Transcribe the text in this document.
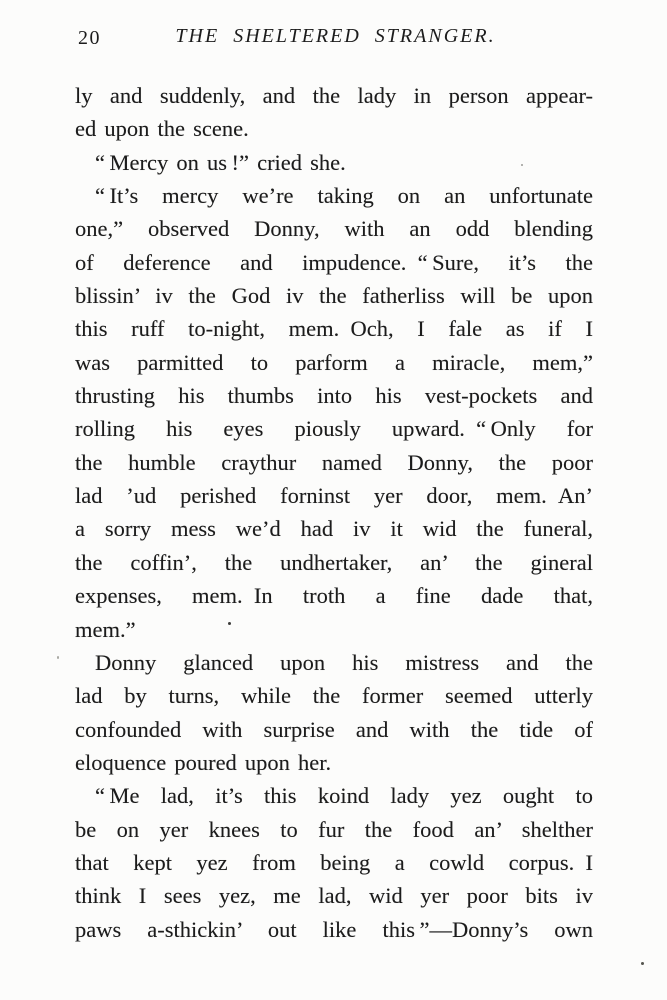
20	THE SHELTERED STRANGER.
ly and suddenly, and the lady in person appear-
ed upon the scene.
“ Mercy on us !” cried she.
“ It’s mercy we’re taking on an unfortunate
one,” observed Donny, with an odd blending
of deference and impudence. “ Sure, it’s the
blissin’ iv the God iv the fatherliss will be upon
this ruff to-night, mem. Och, I fale as if I
was parmitted to parform a miracle, mem,”
thrusting his thumbs into his vest-pockets and
rolling his eyes piously upward. “ Only for
the humble craythur named Donny, the poor
lad ’ud perished forninst yer door, mem. An’
a sorry mess we’d had iv it wid the funeral,
the coffin’, the undhertaker, an’ the gineral
expenses, mem. In troth a fine dade that,
mem.”
Donny glanced upon his mistress and the
lad by turns, while the former seemed utterly
confounded with surprise and with the tide of
eloquence poured upon her.
“ Me lad, it’s this koind lady yez ought to
be on yer knees to fur the food an’ shelther
that kept yez from being a cowld corpus. I
think I sees yez, me lad, wid yer poor bits iv
paws a-sthickin’ out like this ”—Donny’s own
